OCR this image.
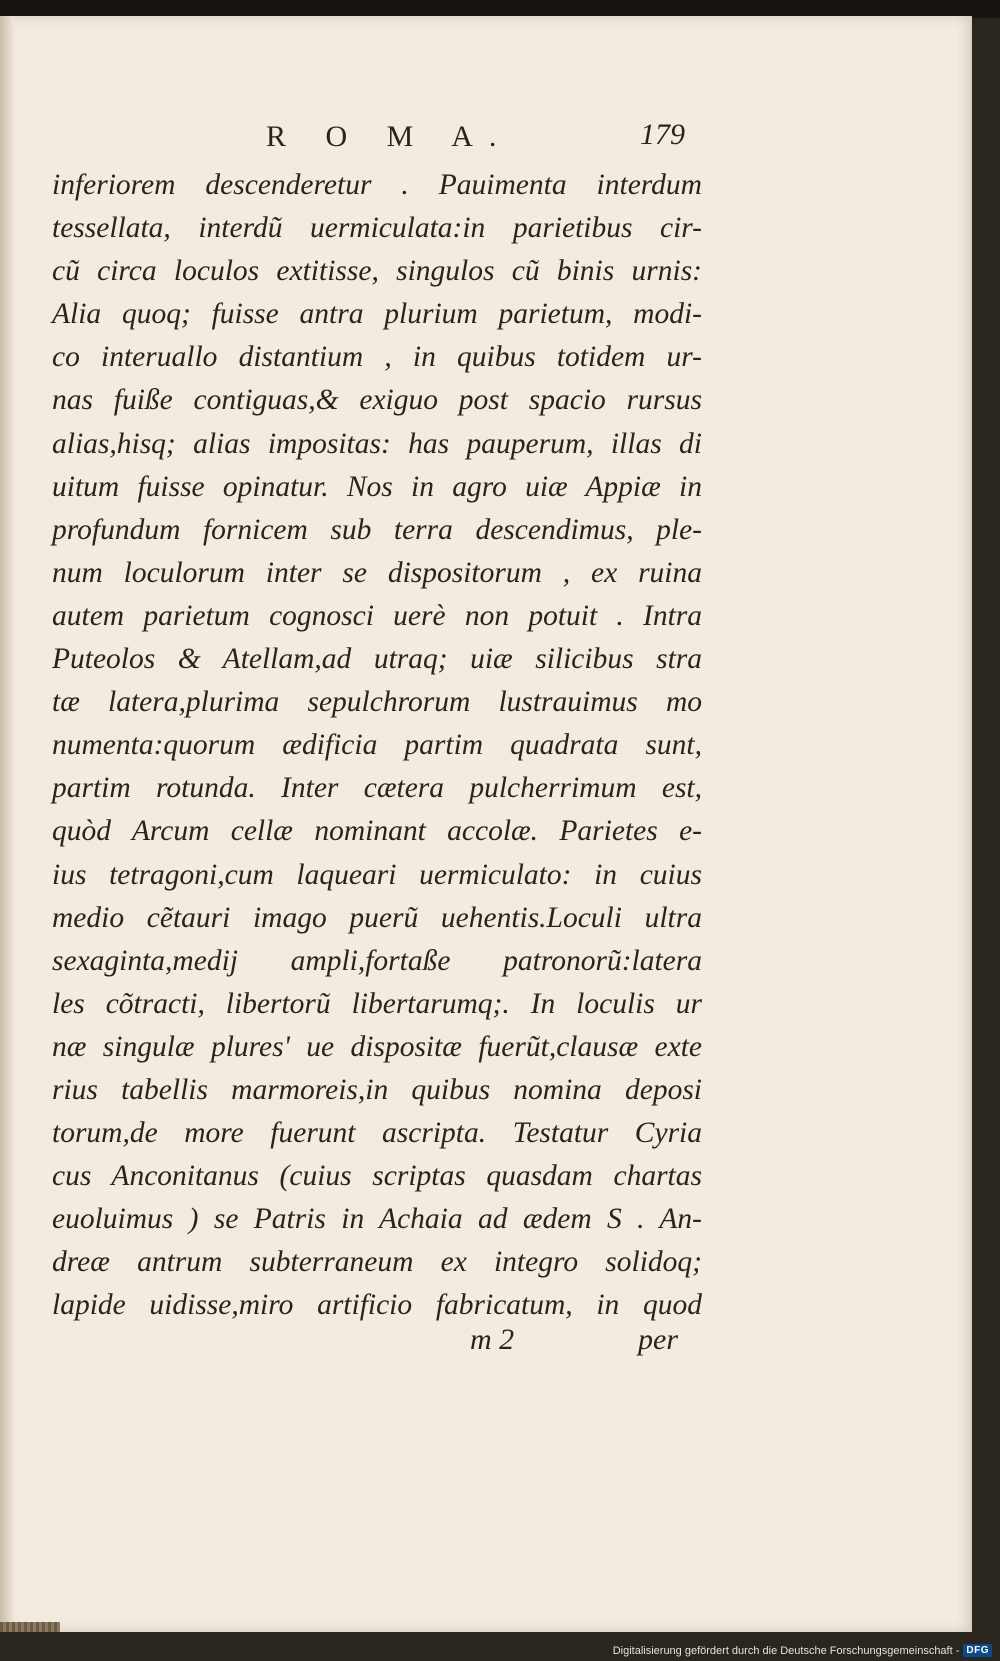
R O M A.	179
inferiorem descenderetur . Pauimenta interdum
tessellata, interdũ uermiculata:in parietibus cir-
cũ circa loculos extitisse, singulos cũ binis urnis:
Alia quoq; fuisse antra plurium parietum, modi-
co interuallo distantium , in quibus totidem ur-
nas fuiße contiguas,& exiguo post spacio rursus
alias,hisq; alias impositas: has pauperum, illas di
uitum fuisse opinatur. Nos in agro uiæ Appiæ in
profundum fornicem sub terra descendimus, ple-
num loculorum inter se dispositorum , ex ruina
autem parietum cognosci uerè non potuit . Intra
Puteolos & Atellam,ad utraq; uiæ silicibus stra
tæ latera,plurima sepulchrorum lustrauimus mo
numenta:quorum ædificia partim quadrata sunt,
partim rotunda. Inter cætera pulcherrimum est,
quòd Arcum cellæ nominant accolæ. Parietes e-
ius tetragoni,cum laqueari uermiculato: in cuius
medio cẽtauri imago puerũ uehentis.Loculi ultra
sexaginta,medij ampli,fortaße patronorũ:latera
les cõtracti, libertorũ libertarumq;. In loculis ur
næ singulæ plures' ue dispositæ fuerũt,clausæ exte
rius tabellis marmoreis,in quibus nomina deposi
torum,de more fuerunt ascripta. Testatur Cyria
cus Anconitanus (cuius scriptas quasdam chartas
euoluimus ) se Patris in Achaia ad ædem S . An-
dreæ antrum subterraneum ex integro solidoq;
lapide uidisse,miro artificio fabricatum, in quod
m 2	per
Digitalisierung gefördert durch die Deutsche Forschungsgemeinschaft - DFG
